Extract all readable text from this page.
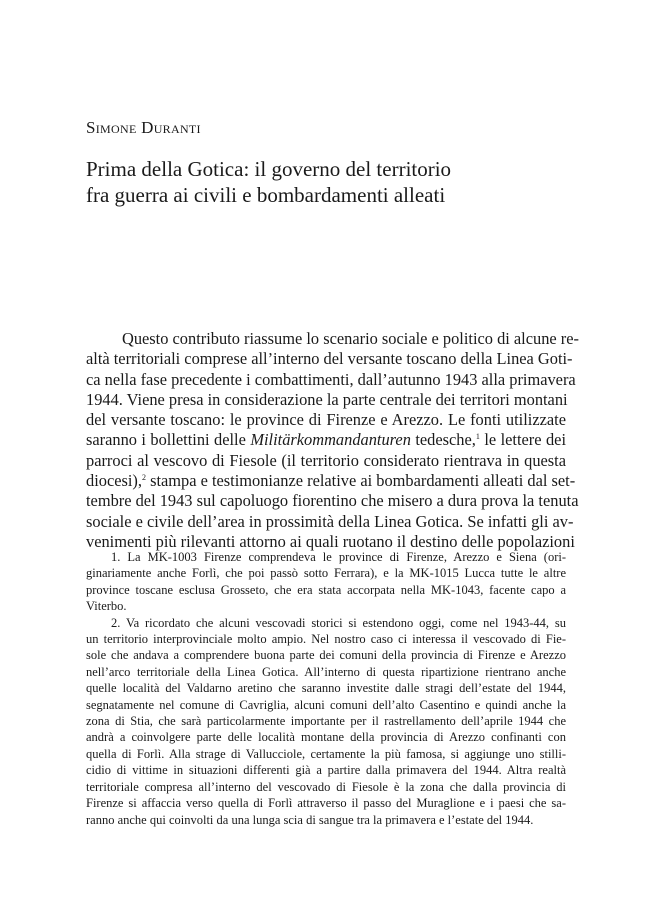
Simone Duranti

Prima della Gotica: il governo del territorio
fra guerra ai civili e bombardamenti alleati
Questo contributo riassume lo scenario sociale e politico di alcune re-
altà territoriali comprese all’interno del versante toscano della Linea Goti-
ca nella fase precedente i combattimenti, dall’autunno 1943 alla primavera
1944. Viene presa in considerazione la parte centrale dei territori montani
del versante toscano: le province di Firenze e Arezzo. Le fonti utilizzate
saranno i bollettini delle Militärkommandanturen tedesche,$^1$ le lettere dei
parroci al vescovo di Fiesole (il territorio considerato rientrava in questa
diocesi),$^2$ stampa e testimonianze relative ai bombardamenti alleati dal set-
tembre del 1943 sul capoluogo fiorentino che misero a dura prova la tenuta
sociale e civile dell’area in prossimità della Linea Gotica. Se infatti gli av-
venimenti più rilevanti attorno ai quali ruotano il destino delle popolazioni
1. La MK-1003 Firenze comprendeva le province di Firenze, Arezzo e Siena (ori-
ginariamente anche Forlì, che poi passò sotto Ferrara), e la MK-1015 Lucca tutte le altre
province toscane esclusa Grosseto, che era stata accorpata nella MK-1043, facente capo a
Viterbo.
2. Va ricordato che alcuni vescovadi storici si estendono oggi, come nel 1943-44, su
un territorio interprovinciale molto ampio. Nel nostro caso ci interessa il vescovado di Fie-
sole che andava a comprendere buona parte dei comuni della provincia di Firenze e Arezzo
nell’arco territoriale della Linea Gotica. All’interno di questa ripartizione rientrano anche
quelle località del Valdarno aretino che saranno investite dalle stragi dell’estate del 1944,
segnatamente nel comune di Cavriglia, alcuni comuni dell’alto Casentino e quindi anche la
zona di Stia, che sarà particolarmente importante per il rastrellamento dell’aprile 1944 che
andrà a coinvolgere parte delle località montane della provincia di Arezzo confinanti con
quella di Forlì. Alla strage di Vallucciole, certamente la più famosa, si aggiunge uno stilli-
cidio di vittime in situazioni differenti già a partire dalla primavera del 1944. Altra realtà
territoriale compresa all’interno del vescovado di Fiesole è la zona che dalla provincia di
Firenze si affaccia verso quella di Forlì attraverso il passo del Muraglione e i paesi che sa-
ranno anche qui coinvolti da una lunga scia di sangue tra la primavera e l’estate del 1944.
